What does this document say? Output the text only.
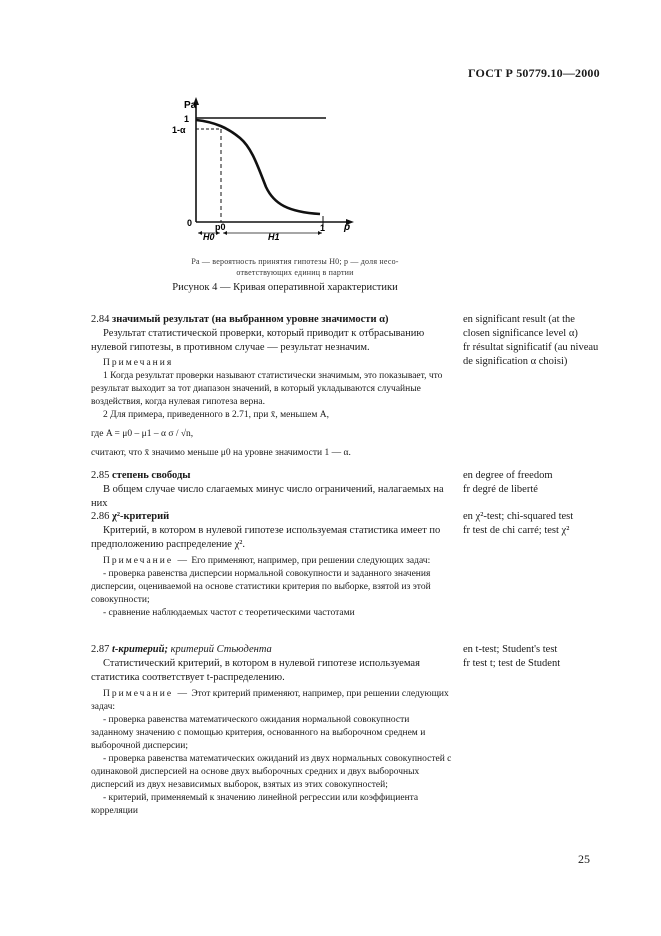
ГОСТ Р 50779.10—2000
Pa
1
1-α
0	p0	1 p
H0	H1
Pa — вероятность принятия гипотезы H0; p — доля несо-
ответствующих единиц в партии
Рисунок 4 — Кривая оперативной характеристики

2.84 значимый результат (на выбранном уровне значимости α)

Результат статистической проверки, который приводит к отбрасыванию нулевой гипотезы, в противном случае — результат незначим.

en significant result (at the closen significance level α)

fr résultat significatif (au niveau de signification α choisi)

Примечания

1 Когда результат проверки называют статистически значимым, это показывает, что результат выходит за тот диапазон значений, в который укладываются случайные воздействия, когда нулевая гипотеза верна.

2 Для примера, приведенного в 2.71, при x̄, меньшем A,

где A = μ0 – μ1 – α σ / √n,

считают, что x̄ значимо меньше μ0 на уровне значимости 1 — α.

2.85 степень свободы

В общем случае число слагаемых минус число ограничений, налагаемых на них

en degree of freedom

fr degré de liberté

2.86 χ²-критерий

Критерий, в котором в нулевой гипотезе используемая статистика имеет по предположению распределение χ².

en χ²-test; chi-squared test

fr test de chi carré; test χ²

Примечание — Его применяют, например, при решении следующих задач:

- проверка равенства дисперсии нормальной совокупности и заданного значения дисперсии, оцениваемой на основе статистики критерия по выборке, взятой из этой совокупности;

- сравнение наблюдаемых частот с теоретическими частотами

2.87 t-критерий; критерий Стьюдента

Статистический критерий, в котором в нулевой гипотезе используемая статистика соответствует t-распределению.

en t-test; Student's test

fr test t; test de Student

Примечание — Этот критерий применяют, например, при решении следующих задач:

- проверка равенства математического ожидания нормальной совокупности заданному значению с помощью критерия, основанного на выборочном среднем и выборочной дисперсии;

- проверка равенства математических ожиданий из двух нормальных совокупностей с одинаковой дисперсией на основе двух выборочных средних и двух выборочных дисперсий из двух независимых выборок, взятых из этих совокупностей;

- критерий, применяемый к значению линейной регрессии или коэффициента корреляции

25
